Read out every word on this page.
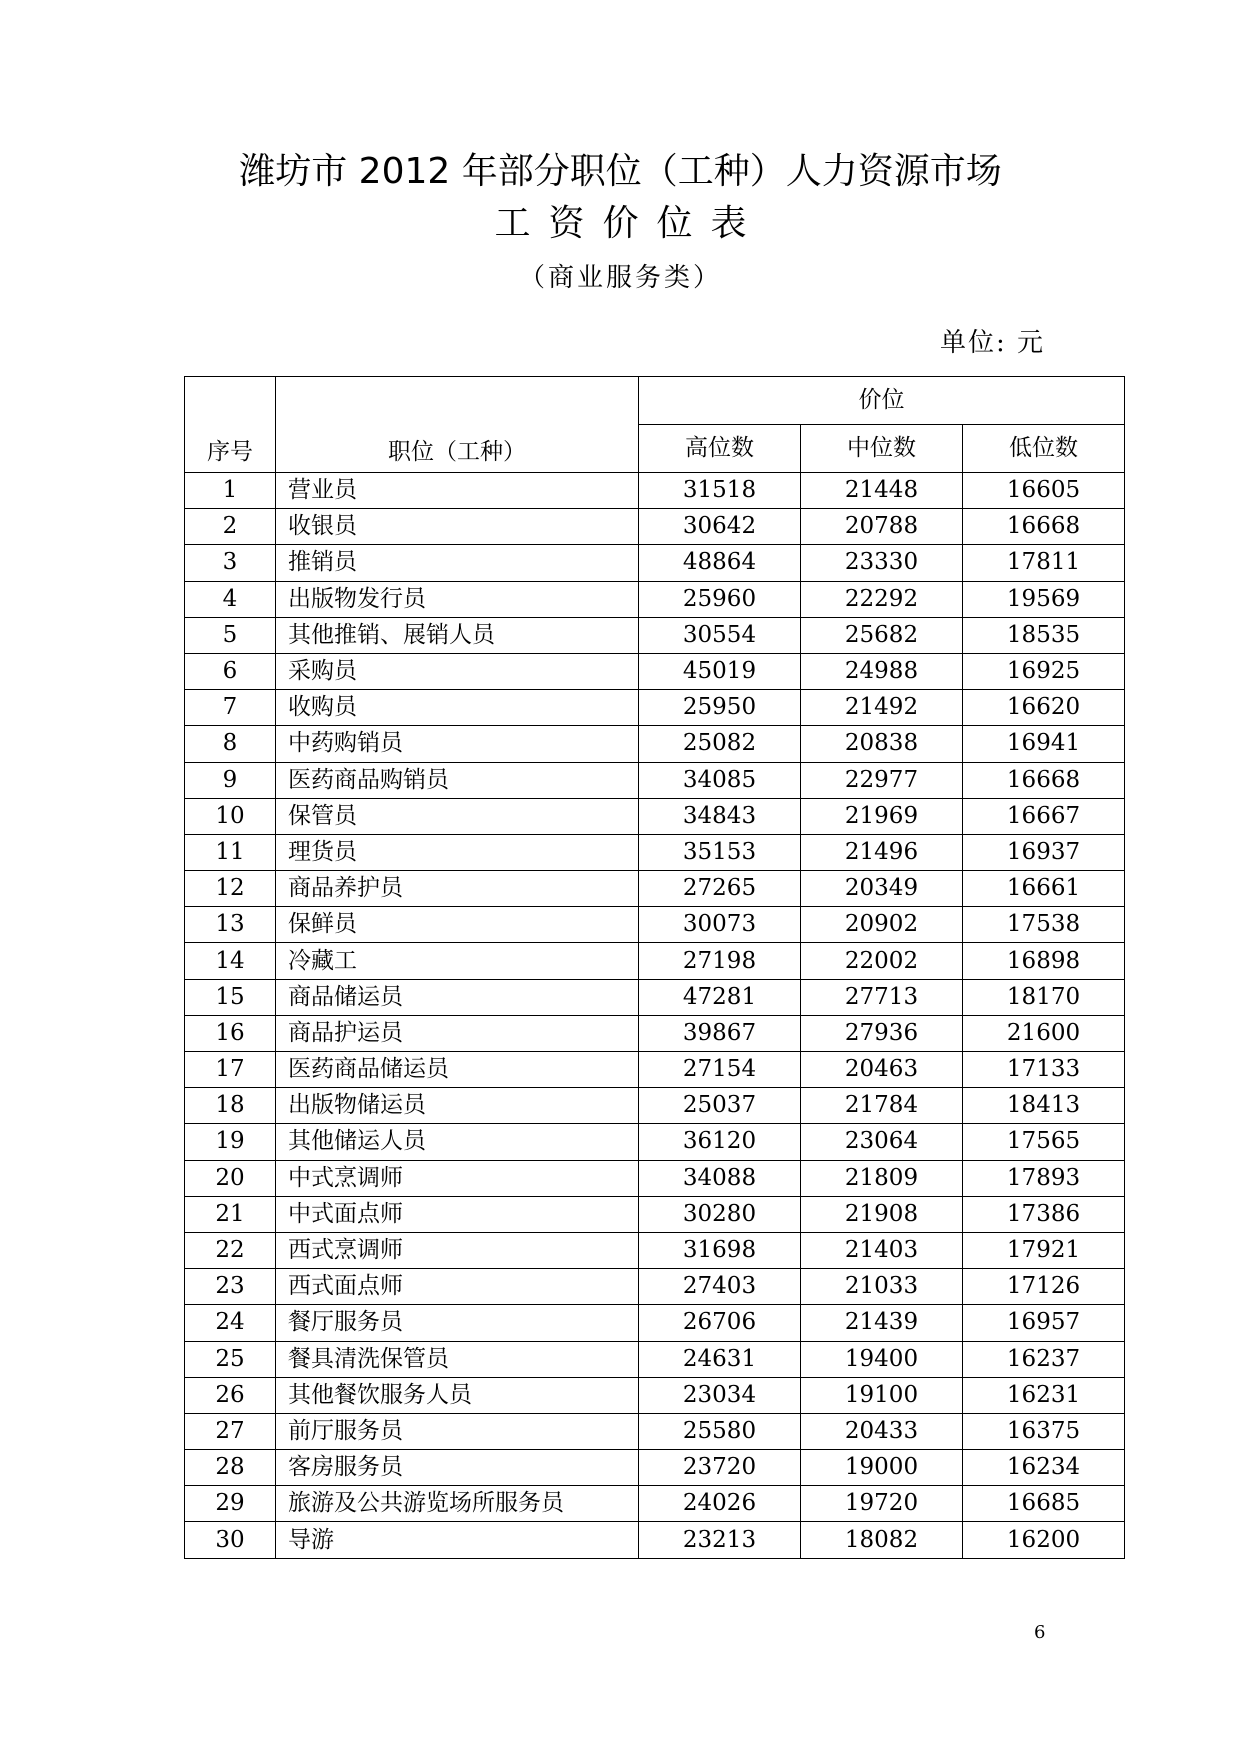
潍坊市 2012 年部分职位（工种）人力资源市场
工资价位表
（商业服务类）
单位: 元
序号	职位（工种）	价位		
		高位数	中位数	低位数
1	营业员	31518	21448	16605
2	收银员	30642	20788	16668
3	推销员	48864	23330	17811
4	出版物发行员	25960	22292	19569
5	其他推销、展销人员	30554	25682	18535
6	采购员	45019	24988	16925
7	收购员	25950	21492	16620
8	中药购销员	25082	20838	16941
9	医药商品购销员	34085	22977	16668
10	保管员	34843	21969	16667
11	理货员	35153	21496	16937
12	商品养护员	27265	20349	16661
13	保鲜员	30073	20902	17538
14	冷藏工	27198	22002	16898
15	商品储运员	47281	27713	18170
16	商品护运员	39867	27936	21600
17	医药商品储运员	27154	20463	17133
18	出版物储运员	25037	21784	18413
19	其他储运人员	36120	23064	17565
20	中式烹调师	34088	21809	17893
21	中式面点师	30280	21908	17386
22	西式烹调师	31698	21403	17921
23	西式面点师	27403	21033	17126
24	餐厅服务员	26706	21439	16957
25	餐具清洗保管员	24631	19400	16237
26	其他餐饮服务人员	23034	19100	16231
27	前厅服务员	25580	20433	16375
28	客房服务员	23720	19000	16234
29	旅游及公共游览场所服务员	24026	19720	16685
30	导游	23213	18082	16200
6
